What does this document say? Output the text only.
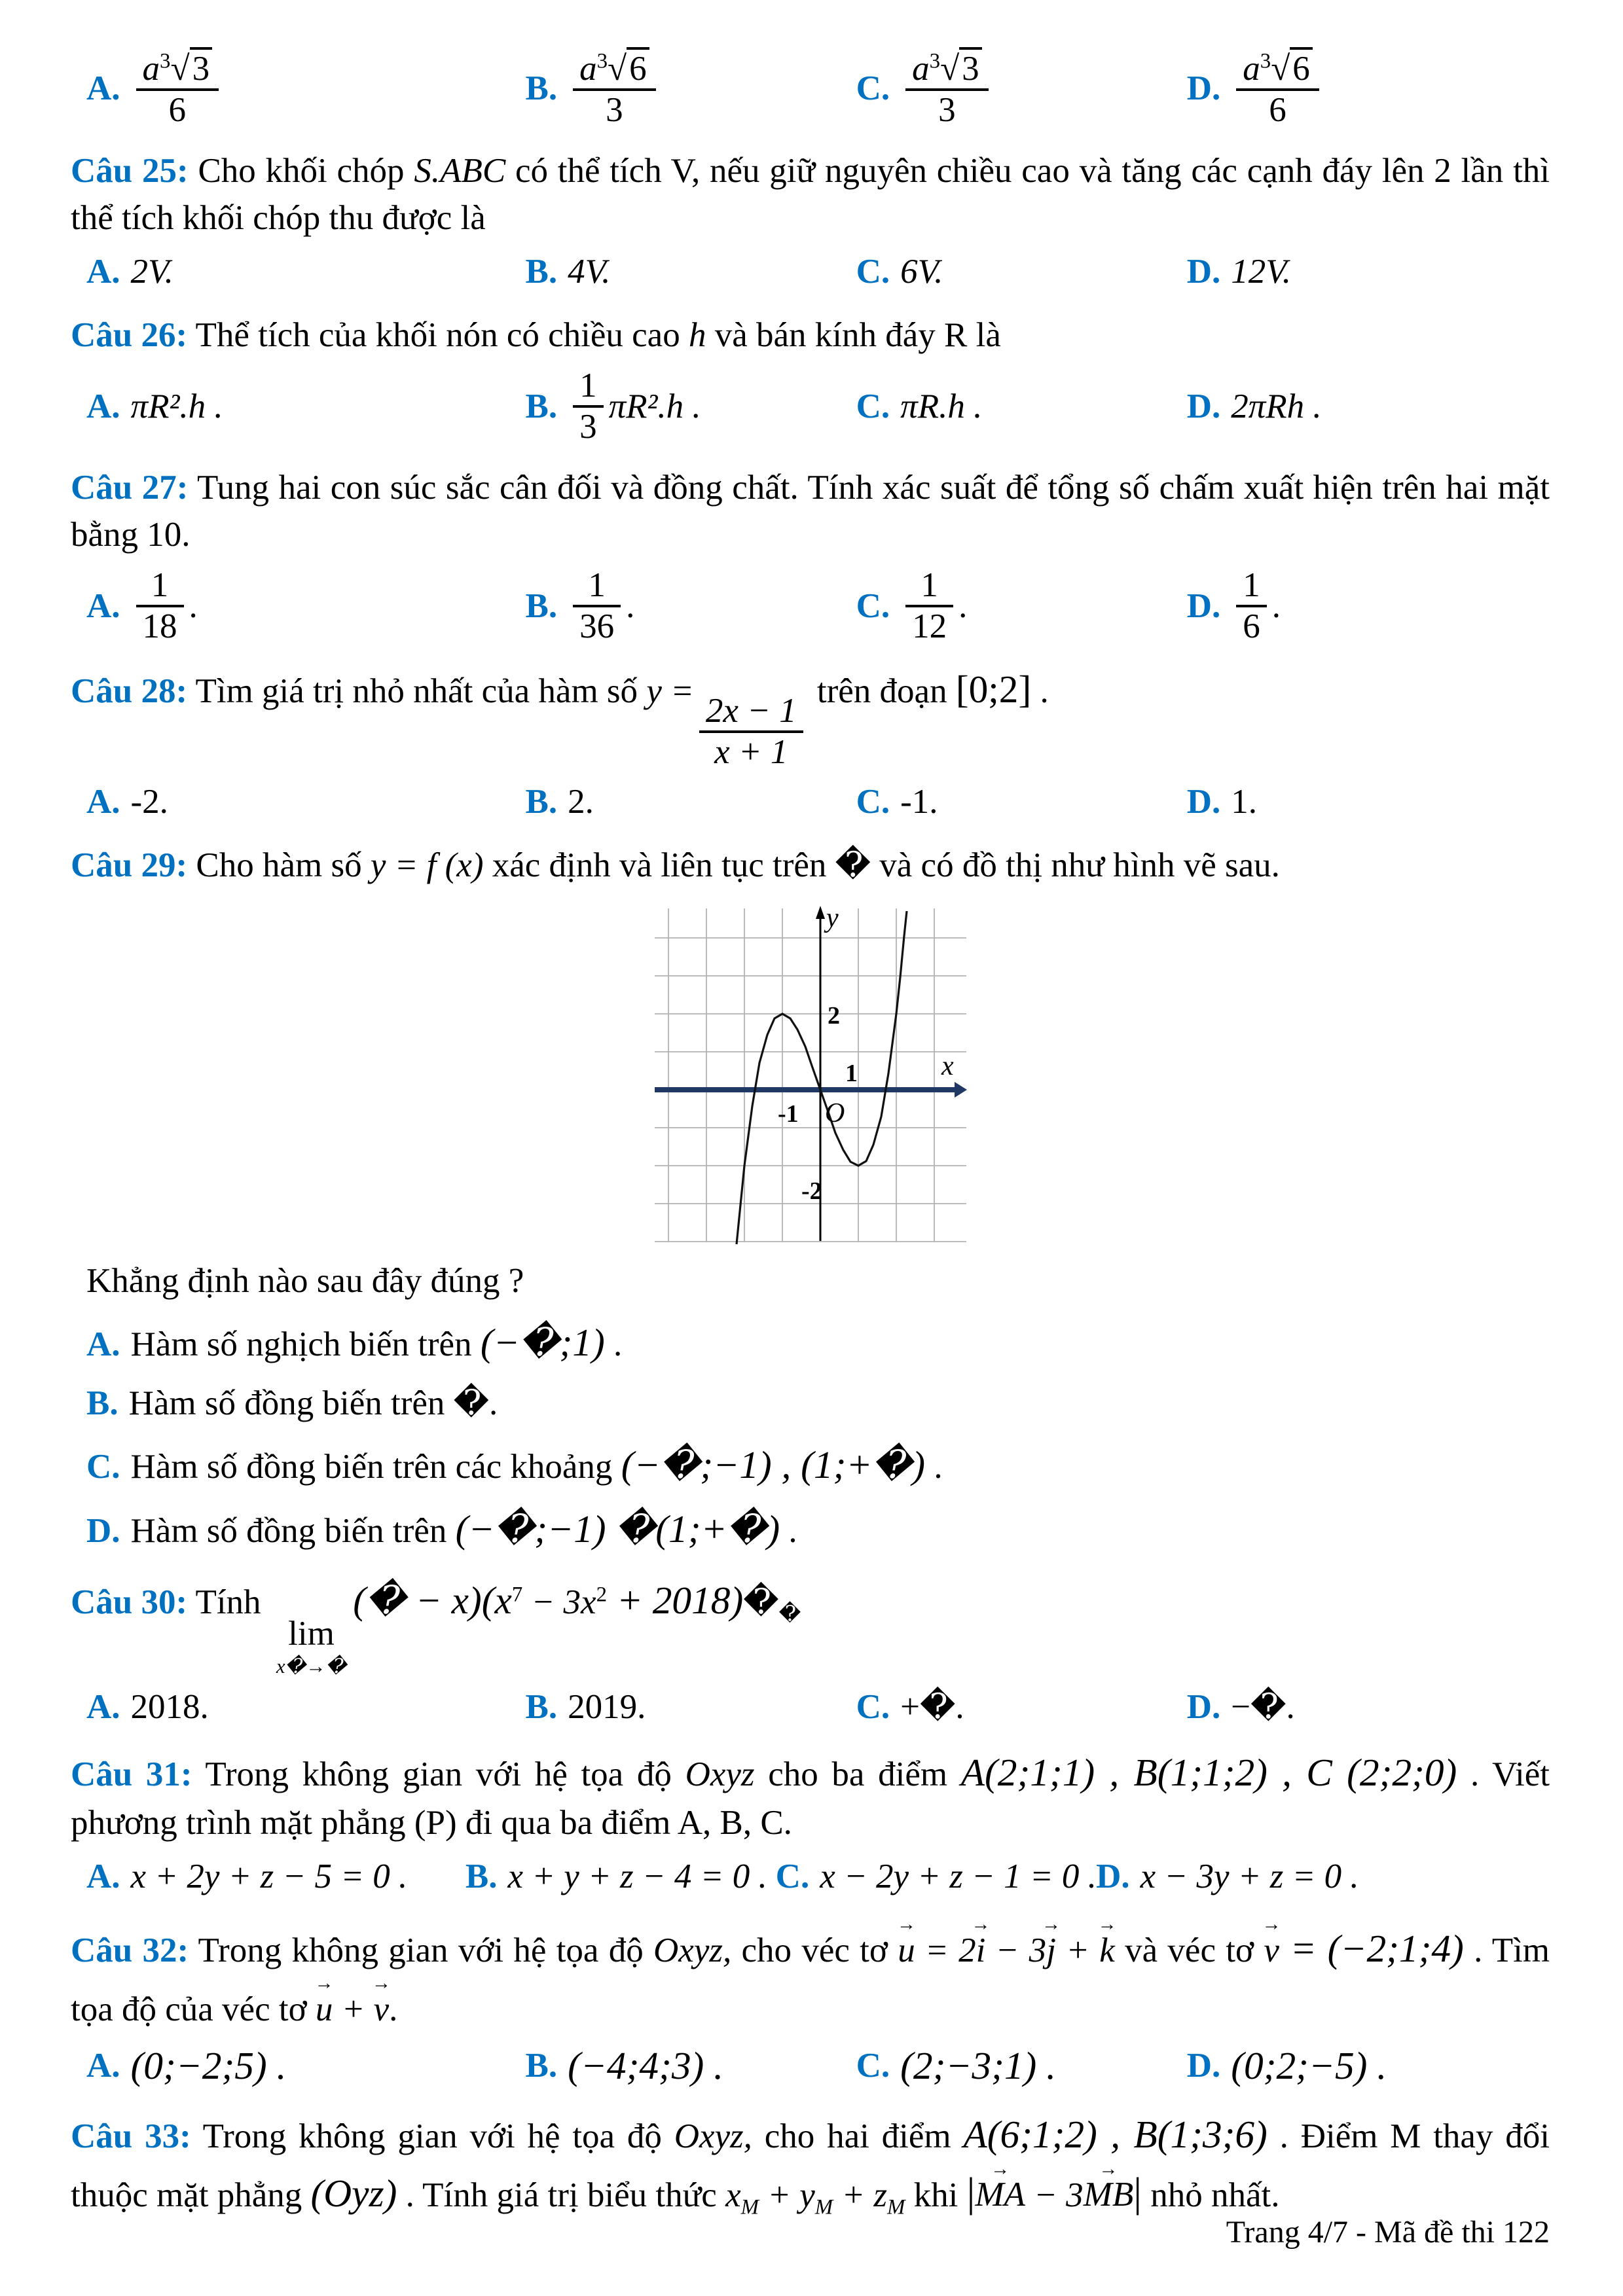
A. $\frac{a^3 √ 3}{6}$	B. $\frac{a^3 √ 6}{3}$	C. $\frac{a^3 √ 3}{3}$	D. $\frac{a^3 √ 6}{6}$
Câu 25: Cho khối chóp S.ABC có thể tích V, nếu giữ nguyên chiều cao và tăng các cạnh đáy lên 2 lần thì thể tích khối chóp thu được là
A. 2V.	B. 4V.	C. 6V.	D. 12V.
Câu 26: Thể tích của khối nón có chiều cao h và bán kính đáy R là
A. πR².h .	B. $\frac{1}{3} \pi R^2.h$ .	C. πR.h .	D. 2πRh .
Câu 27: Tung hai con súc sắc cân đối và đồng chất. Tính xác suất để tổng số chấm xuất hiện trên hai mặt bằng 10.
A. $\frac{1}{18}$ .	B. $\frac{1}{36}$ .	C. $\frac{1}{12}$ .	D. $\frac{1}{6}$ .
Câu 28: Tìm giá trị nhỏ nhất của hàm số y =
$\frac{2x - 1}{x + 1}$
trên đoạn [0;2] .
A. -2.	B. 2.	C. -1.	D. 1.
Câu 29: Cho hàm số y = f (x) xác định và liên tục trên � và có đồ thị như hình vẽ sau.
y
x
O
2
1
-1
-2
Khẳng định nào sau đây đúng ?
A. Hàm số nghịch biến trên (−�;1) .
B. Hàm số đồng biến trên �.
C. Hàm số đồng biến trên các khoảng (−�;−1) , (1;+�) .
D. Hàm số đồng biến trên (−�;−1) �(1;+�) .
Câu 30: Tính
lim
x�→�
(� − $x)(x^7 - 3x^2$ + $2018)�_�$
A. 2018.	B. 2019.	C. +�.	D. −�.
Câu 31: Trong không gian với hệ tọa độ Oxyz cho ba điểm A(2;1;1) , B(1;1;2) , C (2;2;0) . Viết phương trình mặt phẳng (P) đi qua ba điểm A, B, C.
A. x + 2y + z − 5 = 0 . B. x + y + z − 4 = 0 . C. x − 2y + z − 1 = 0 . D. x − 3y + z = 0 .
Câu 32: Trong không gian với hệ tọa độ Oxyz, cho véc tơ → u = 2→ i − 3→ j + → k và véc tơ → v = (−2;1;4) . Tìm tọa độ của véc tơ → u + → v.
A. (0;−2;5) .	B. (−4;4;3) .	C. (2;−3;1) .	D. (0;2;−5) .
Câu 33: Trong không gian với hệ tọa độ Oxyz, cho hai điểm A(6;1;2) , B(1;3;6) . Điểm M thay đổi thuộc mặt phẳng (Oyz) . Tính giá trị biểu thức $x_M + y_M + z_M$ khi |→ MA − 3→ MB| nhỏ nhất.
Trang 4/7 - Mã đề thi 122
